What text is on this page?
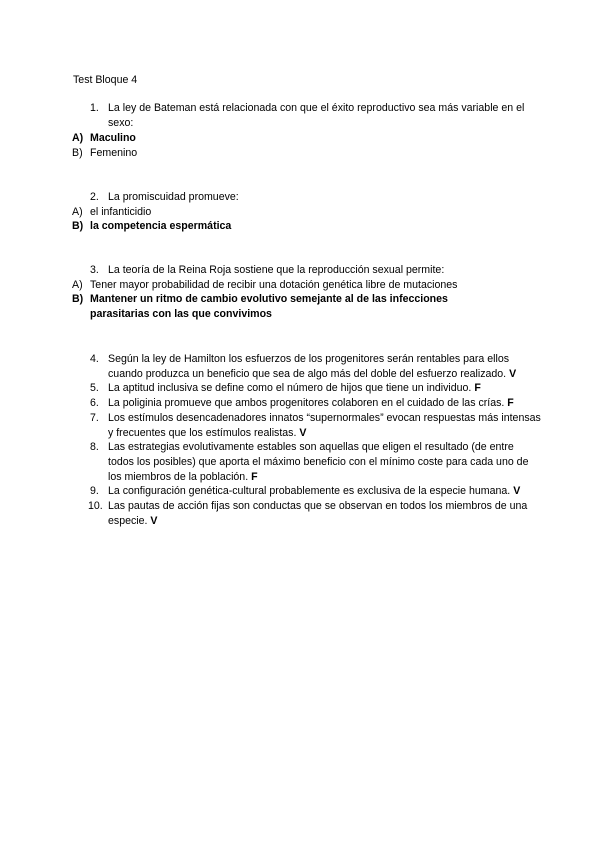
Test Bloque 4
1. La ley de Bateman está relacionada con que el éxito reproductivo sea más variable en el sexo:
A) Maculino
B) Femenino
2. La promiscuidad promueve:
A) el infanticidio
B) la competencia espermática
3. La teoría de la Reina Roja sostiene que la reproducción sexual permite:
A) Tener mayor probabilidad de recibir una dotación genética libre de mutaciones
B) Mantener un ritmo de cambio evolutivo semejante al de las infecciones parasitarias con las que convivimos
4. Según la ley de Hamilton los esfuerzos de los progenitores serán rentables para ellos cuando produzca un beneficio que sea de algo más del doble del esfuerzo realizado. V
5. La aptitud inclusiva se define como el número de hijos que tiene un individuo. F
6. La poliginia promueve que ambos progenitores colaboren en el cuidado de las crías. F
7. Los estímulos desencadenadores innatos “supernormales” evocan respuestas más intensas y frecuentes que los estímulos realistas. V
8. Las estrategias evolutivamente estables son aquellas que eligen el resultado (de entre todos los posibles) que aporta el máximo beneficio con el mínimo coste para cada uno de los miembros de la población. F
9. La configuración genética-cultural probablemente es exclusiva de la especie humana. V
10. Las pautas de acción fijas son conductas que se observan en todos los miembros de una especie. V
